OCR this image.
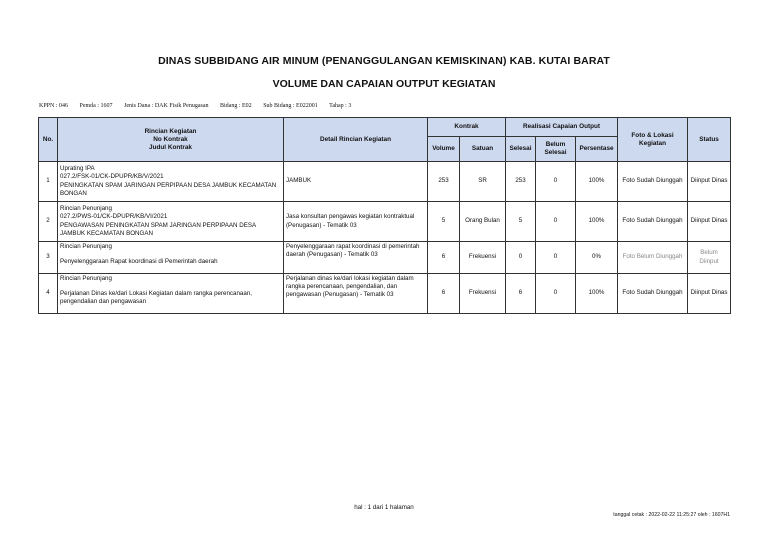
DINAS SUBBIDANG AIR MINUM (PENANGGULANGAN KEMISKINAN) KAB. KUTAI BARAT
VOLUME DAN CAPAIAN OUTPUT KEGIATAN
KPPN : 046 Pemda : 1607 Jenis Dana : DAK Fisik Penugasan Bidang : E02 Sub Bidang : E022001 Tahap : 3
No.	Rincian Kegiatan
No Kontrak
Judul Kontrak	Detail Rincian Kegiatan	Kontrak		Realisasi Capaian Output			Foto & Lokasi Kegiatan	Status
			Volume	Satuan	Selesai	Belum Selesai	Persentase		
1	Uprating IPA
027.2/FSK-01/CK-DPUPR/KB/V/2021
PENINGKATAN SPAM JARINGAN PERPIPAAN DESA JAMBUK KECAMATAN BONGAN	JAMBUK	253	SR	253	0	100%	Foto Sudah Diunggah	Diinput Dinas
2	Rincian Penunjang
027.2/PWS-01/CK-DPUPR/KB/VI/2021
PENGAWASAN PENINGKATAN SPAM JARINGAN PERPIPAAN DESA JAMBUK KECAMATAN BONGAN	Jasa konsultan pengawas kegiatan kontraktual (Penugasan) - Tematik 03	5	Orang Bulan	5	0	100%	Foto Sudah Diunggah	Diinput Dinas
3	Rincian Penunjang
Penyelenggaraan Rapat koordinasi di Pemerintah daerah	Penyelenggaraan rapat koordinasi di pemerintah daerah (Penugasan) - Tematik 03	6	Frekuensi	0	0	0%	Foto Belum Diunggah	Belum Diinput
4	Rincian Penunjang
Perjalanan Dinas ke/dari Lokasi Kegiatan dalam rangka perencanaan, pengendalian dan pengawasan	Perjalanan dinas ke/dari lokasi kegiatan dalam rangka perencanaan, pengendalian, dan pengawasan (Penugasan) - Tematik 03	6	Frekuensi	6	0	100%	Foto Sudah Diunggah	Diinput Dinas
hal : 1 dari 1 halaman
tanggal cetak : 2022-02-22 11:25:27 oleh : 1607H1
